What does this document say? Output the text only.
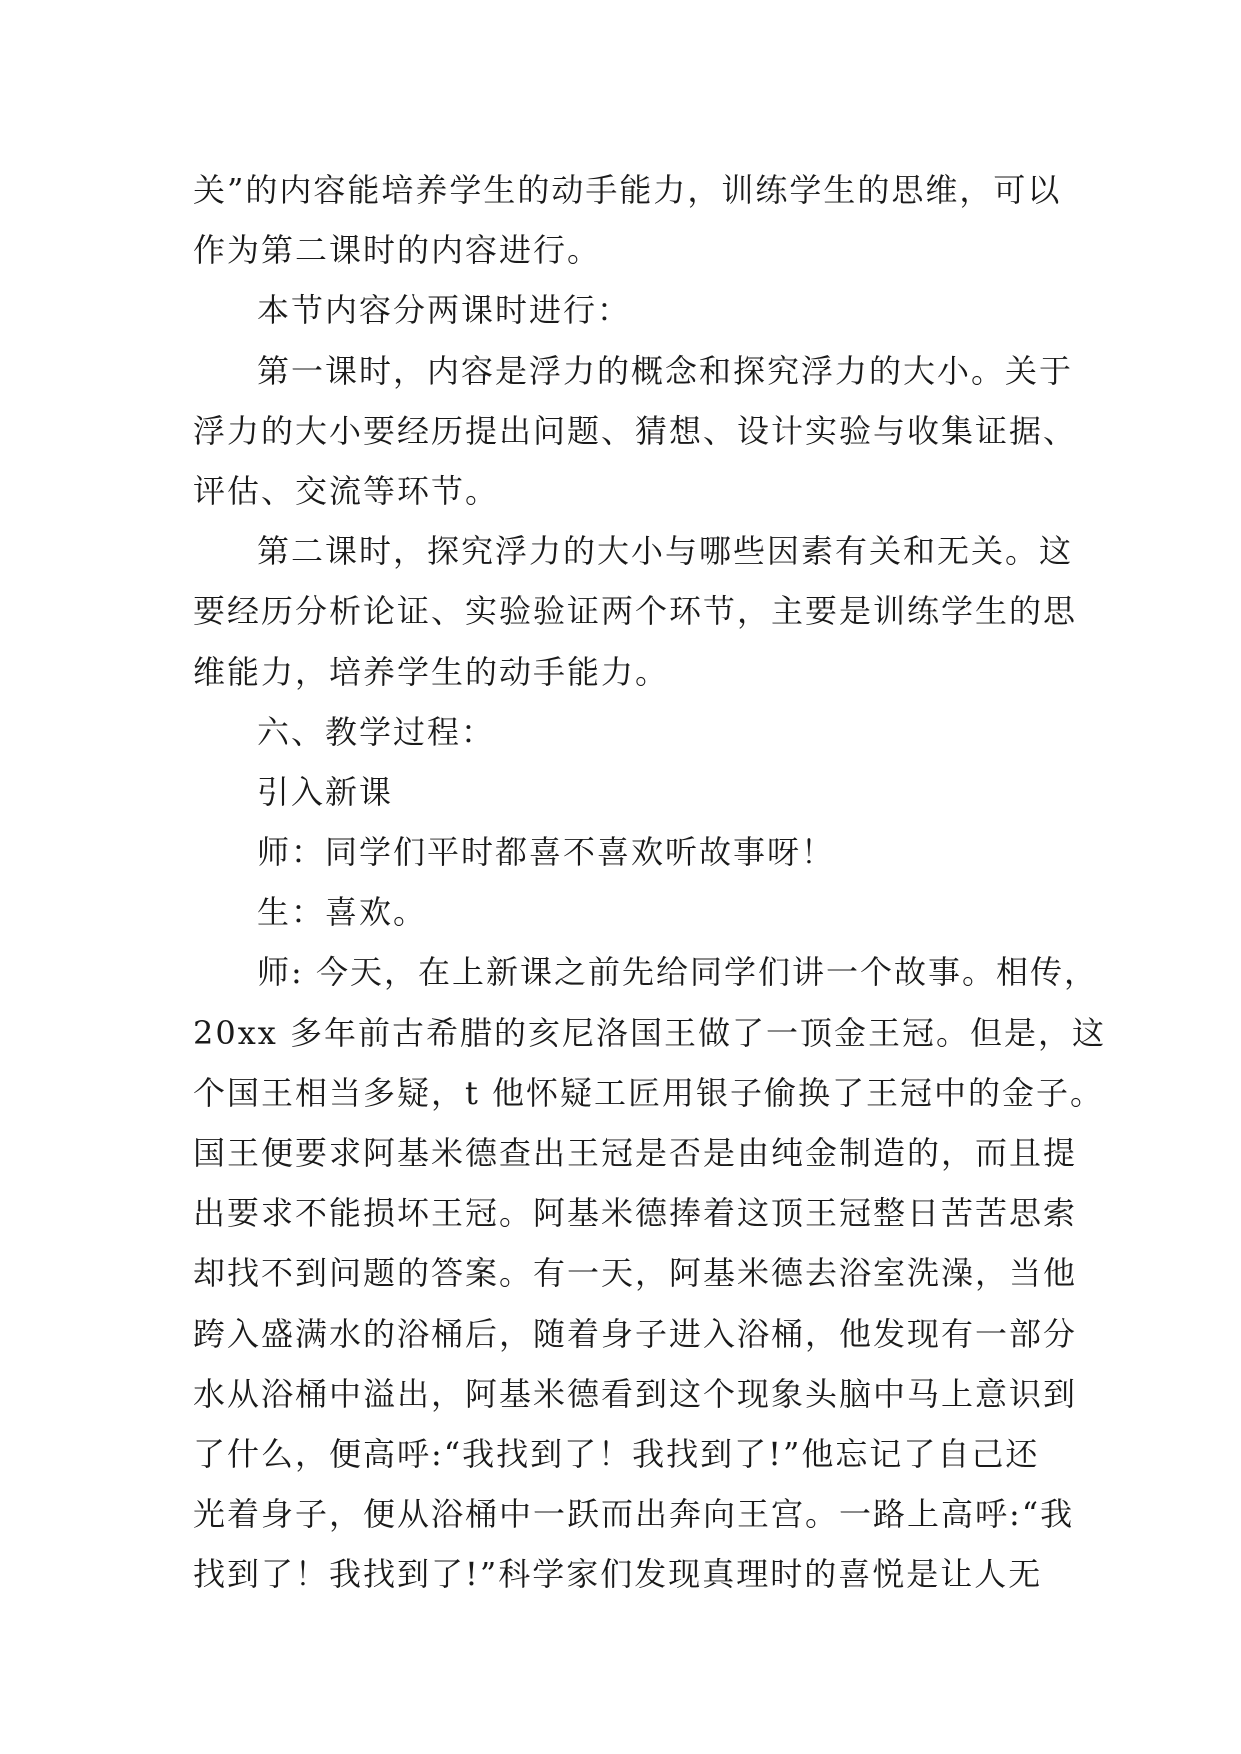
关”的内容能培养学生的动手能力，训练学生的思维，可以
作为第二课时的内容进行。
本节内容分两课时进行：
第一课时，内容是浮力的概念和探究浮力的大小。关于
浮力的大小要经历提出问题、猜想、设计实验与收集证据、
评估、交流等环节。
第二课时，探究浮力的大小与哪些因素有关和无关。这
要经历分析论证、实验验证两个环节，主要是训练学生的思
维能力，培养学生的动手能力。
六、教学过程：
引入新课
师：同学们平时都喜不喜欢听故事呀！
生：喜欢。
师: 今天，在上新课之前先给同学们讲一个故事。相传，
20xx 多年前古希腊的亥尼洛国王做了一顶金王冠。但是，这
个国王相当多疑，t 他怀疑工匠用银子偷换了王冠中的金子。
国王便要求阿基米德查出王冠是否是由纯金制造的，而且提
出要求不能损坏王冠。阿基米德捧着这顶王冠整日苦苦思索
却找不到问题的答案。有一天，阿基米德去浴室洗澡，当他
跨入盛满水的浴桶后，随着身子进入浴桶，他发现有一部分
水从浴桶中溢出，阿基米德看到这个现象头脑中马上意识到
了什么，便高呼:“我找到了！我找到了!”他忘记了自己还
光着身子，便从浴桶中一跃而出奔向王宫。一路上高呼:“我
找到了！我找到了!”科学家们发现真理时的喜悦是让人无
